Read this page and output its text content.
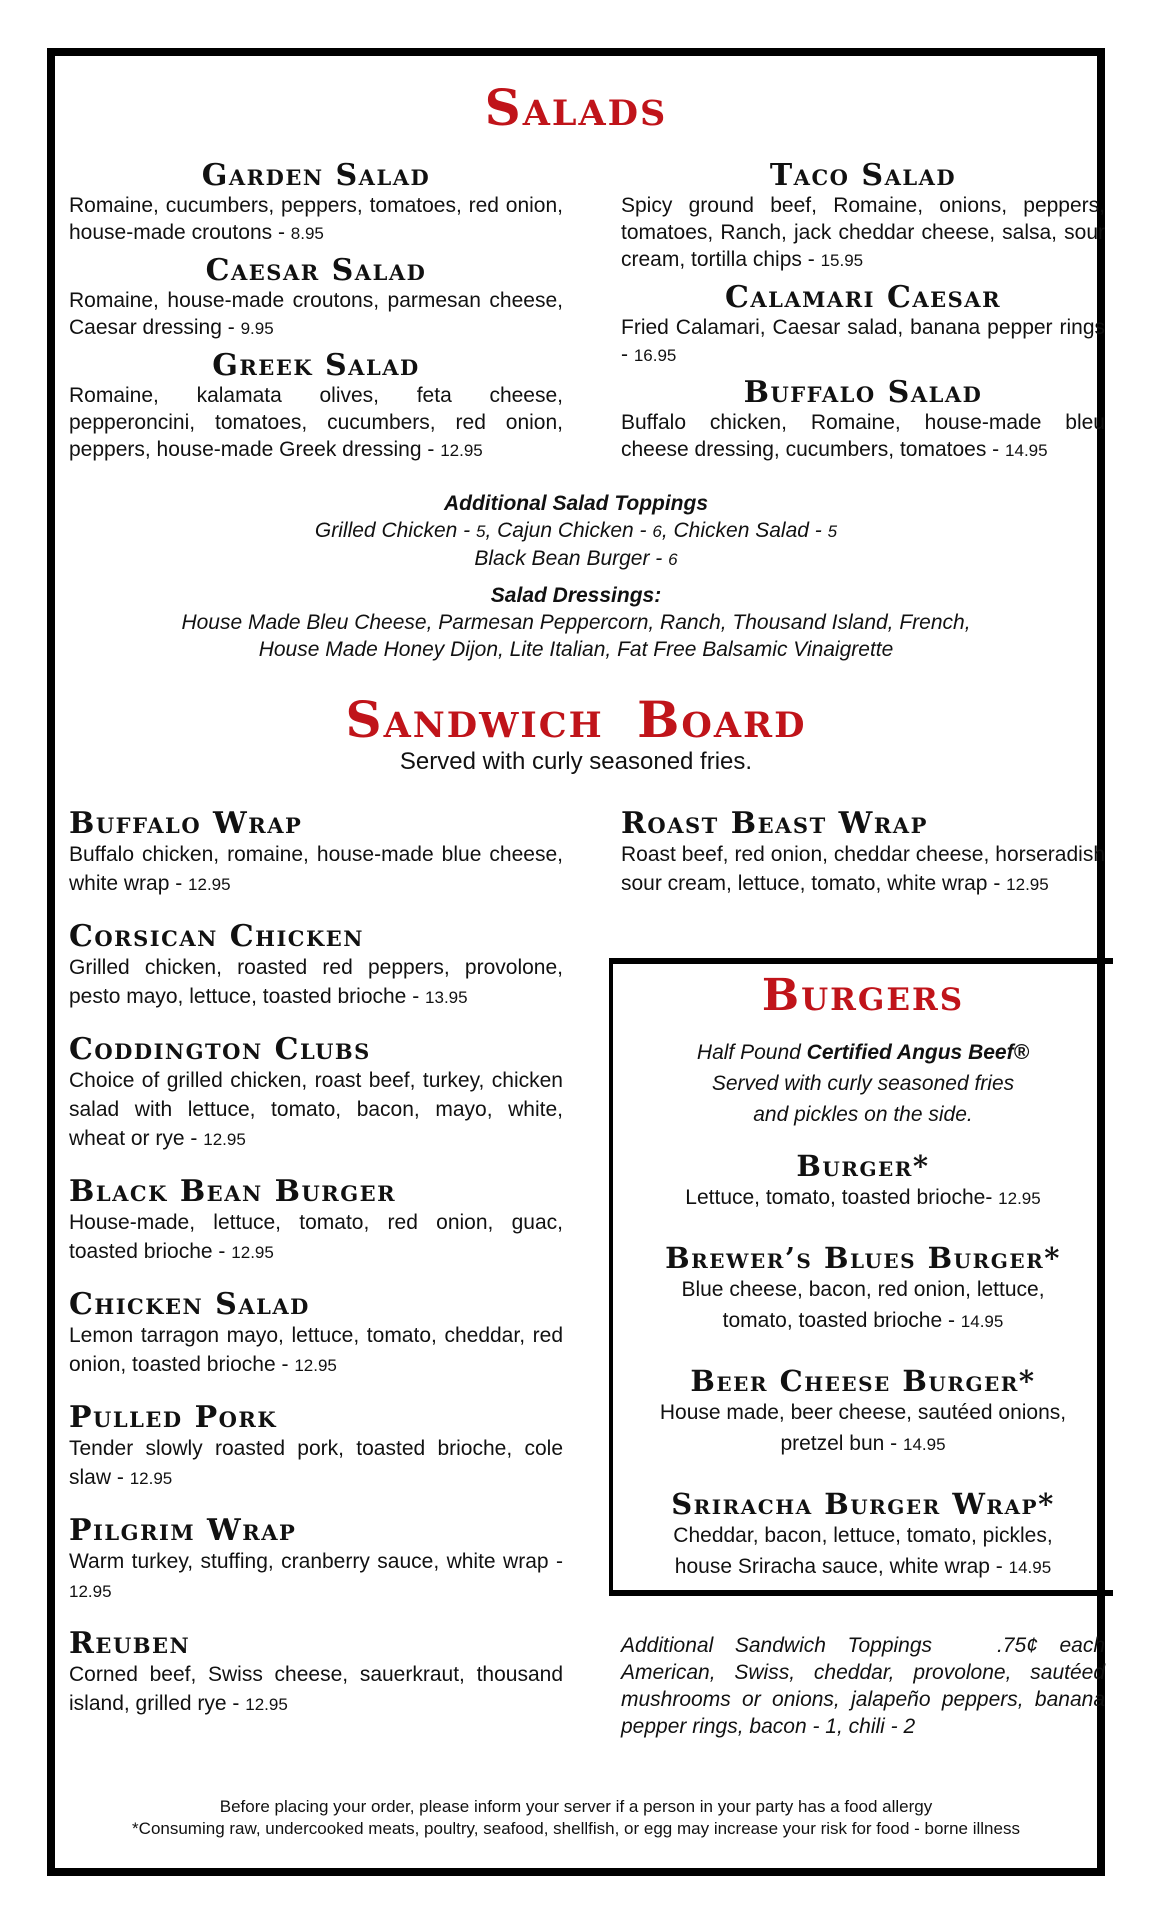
Salads
Garden Salad
Romaine, cucumbers, peppers, tomatoes, red onion, house-made croutons - 8.95
Caesar Salad
Romaine, house-made croutons, parmesan cheese, Caesar dressing - 9.95
Greek Salad
Romaine, kalamata olives, feta cheese, pepperoncini, tomatoes, cucumbers, red onion, peppers, house-made Greek dressing - 12.95
Taco Salad
Spicy ground beef, Romaine, onions, peppers, tomatoes, Ranch, jack cheddar cheese, salsa, sour cream, tortilla chips - 15.95
Calamari Caesar
Fried Calamari, Caesar salad, banana pepper rings - 16.95
Buffalo Salad
Buffalo chicken, Romaine, house-made bleu cheese dressing, cucumbers, tomatoes - 14.95
Additional Salad Toppings
Grilled Chicken - 5, Cajun Chicken - 6, Chicken Salad - 5
Black Bean Burger - 6
Salad Dressings:
House Made Bleu Cheese, Parmesan Peppercorn, Ranch, Thousand Island, French,
House Made Honey Dijon, Lite Italian, Fat Free Balsamic Vinaigrette
Sandwich Board
Served with curly seasoned fries.
Buffalo Wrap
Buffalo chicken, romaine, house-made blue cheese, white wrap - 12.95
Corsican Chicken
Grilled chicken, roasted red peppers, provolone, pesto mayo, lettuce, toasted brioche - 13.95
Coddington Clubs
Choice of grilled chicken, roast beef, turkey, chicken salad with lettuce, tomato, bacon, mayo, white, wheat or rye - 12.95
Black Bean Burger
House-made, lettuce, tomato, red onion, guac, toasted brioche - 12.95
Chicken Salad
Lemon tarragon mayo, lettuce, tomato, cheddar, red onion, toasted brioche - 12.95
Pulled Pork
Tender slowly roasted pork, toasted brioche, cole slaw - 12.95
Pilgrim Wrap
Warm turkey, stuffing, cranberry sauce, white wrap - 12.95
Reuben
Corned beef, Swiss cheese, sauerkraut, thousand island, grilled rye - 12.95
Roast Beast Wrap
Roast beef, red onion, cheddar cheese, horseradish sour cream, lettuce, tomato, white wrap - 12.95
Burgers
Half Pound Certified Angus Beef®
Served with curly seasoned fries
and pickles on the side.
Burger*
Lettuce, tomato, toasted brioche- 12.95
Brewer’s Blues Burger*
Blue cheese, bacon, red onion, lettuce, tomato, toasted brioche - 14.95
Beer Cheese Burger*
House made, beer cheese, sautéed onions, pretzel bun - 14.95
Sriracha Burger Wrap*
Cheddar, bacon, lettuce, tomato, pickles, house Sriracha sauce, white wrap - 14.95
Additional Sandwich Toppings	.75¢ each American, Swiss, cheddar, provolone, sautéed mushrooms or onions, jalapeño peppers, banana pepper rings, bacon - 1, chili - 2
Before placing your order, please inform your server if a person in your party has a food allergy
*Consuming raw, undercooked meats, poultry, seafood, shellfish, or egg may increase your risk for food - borne illness
